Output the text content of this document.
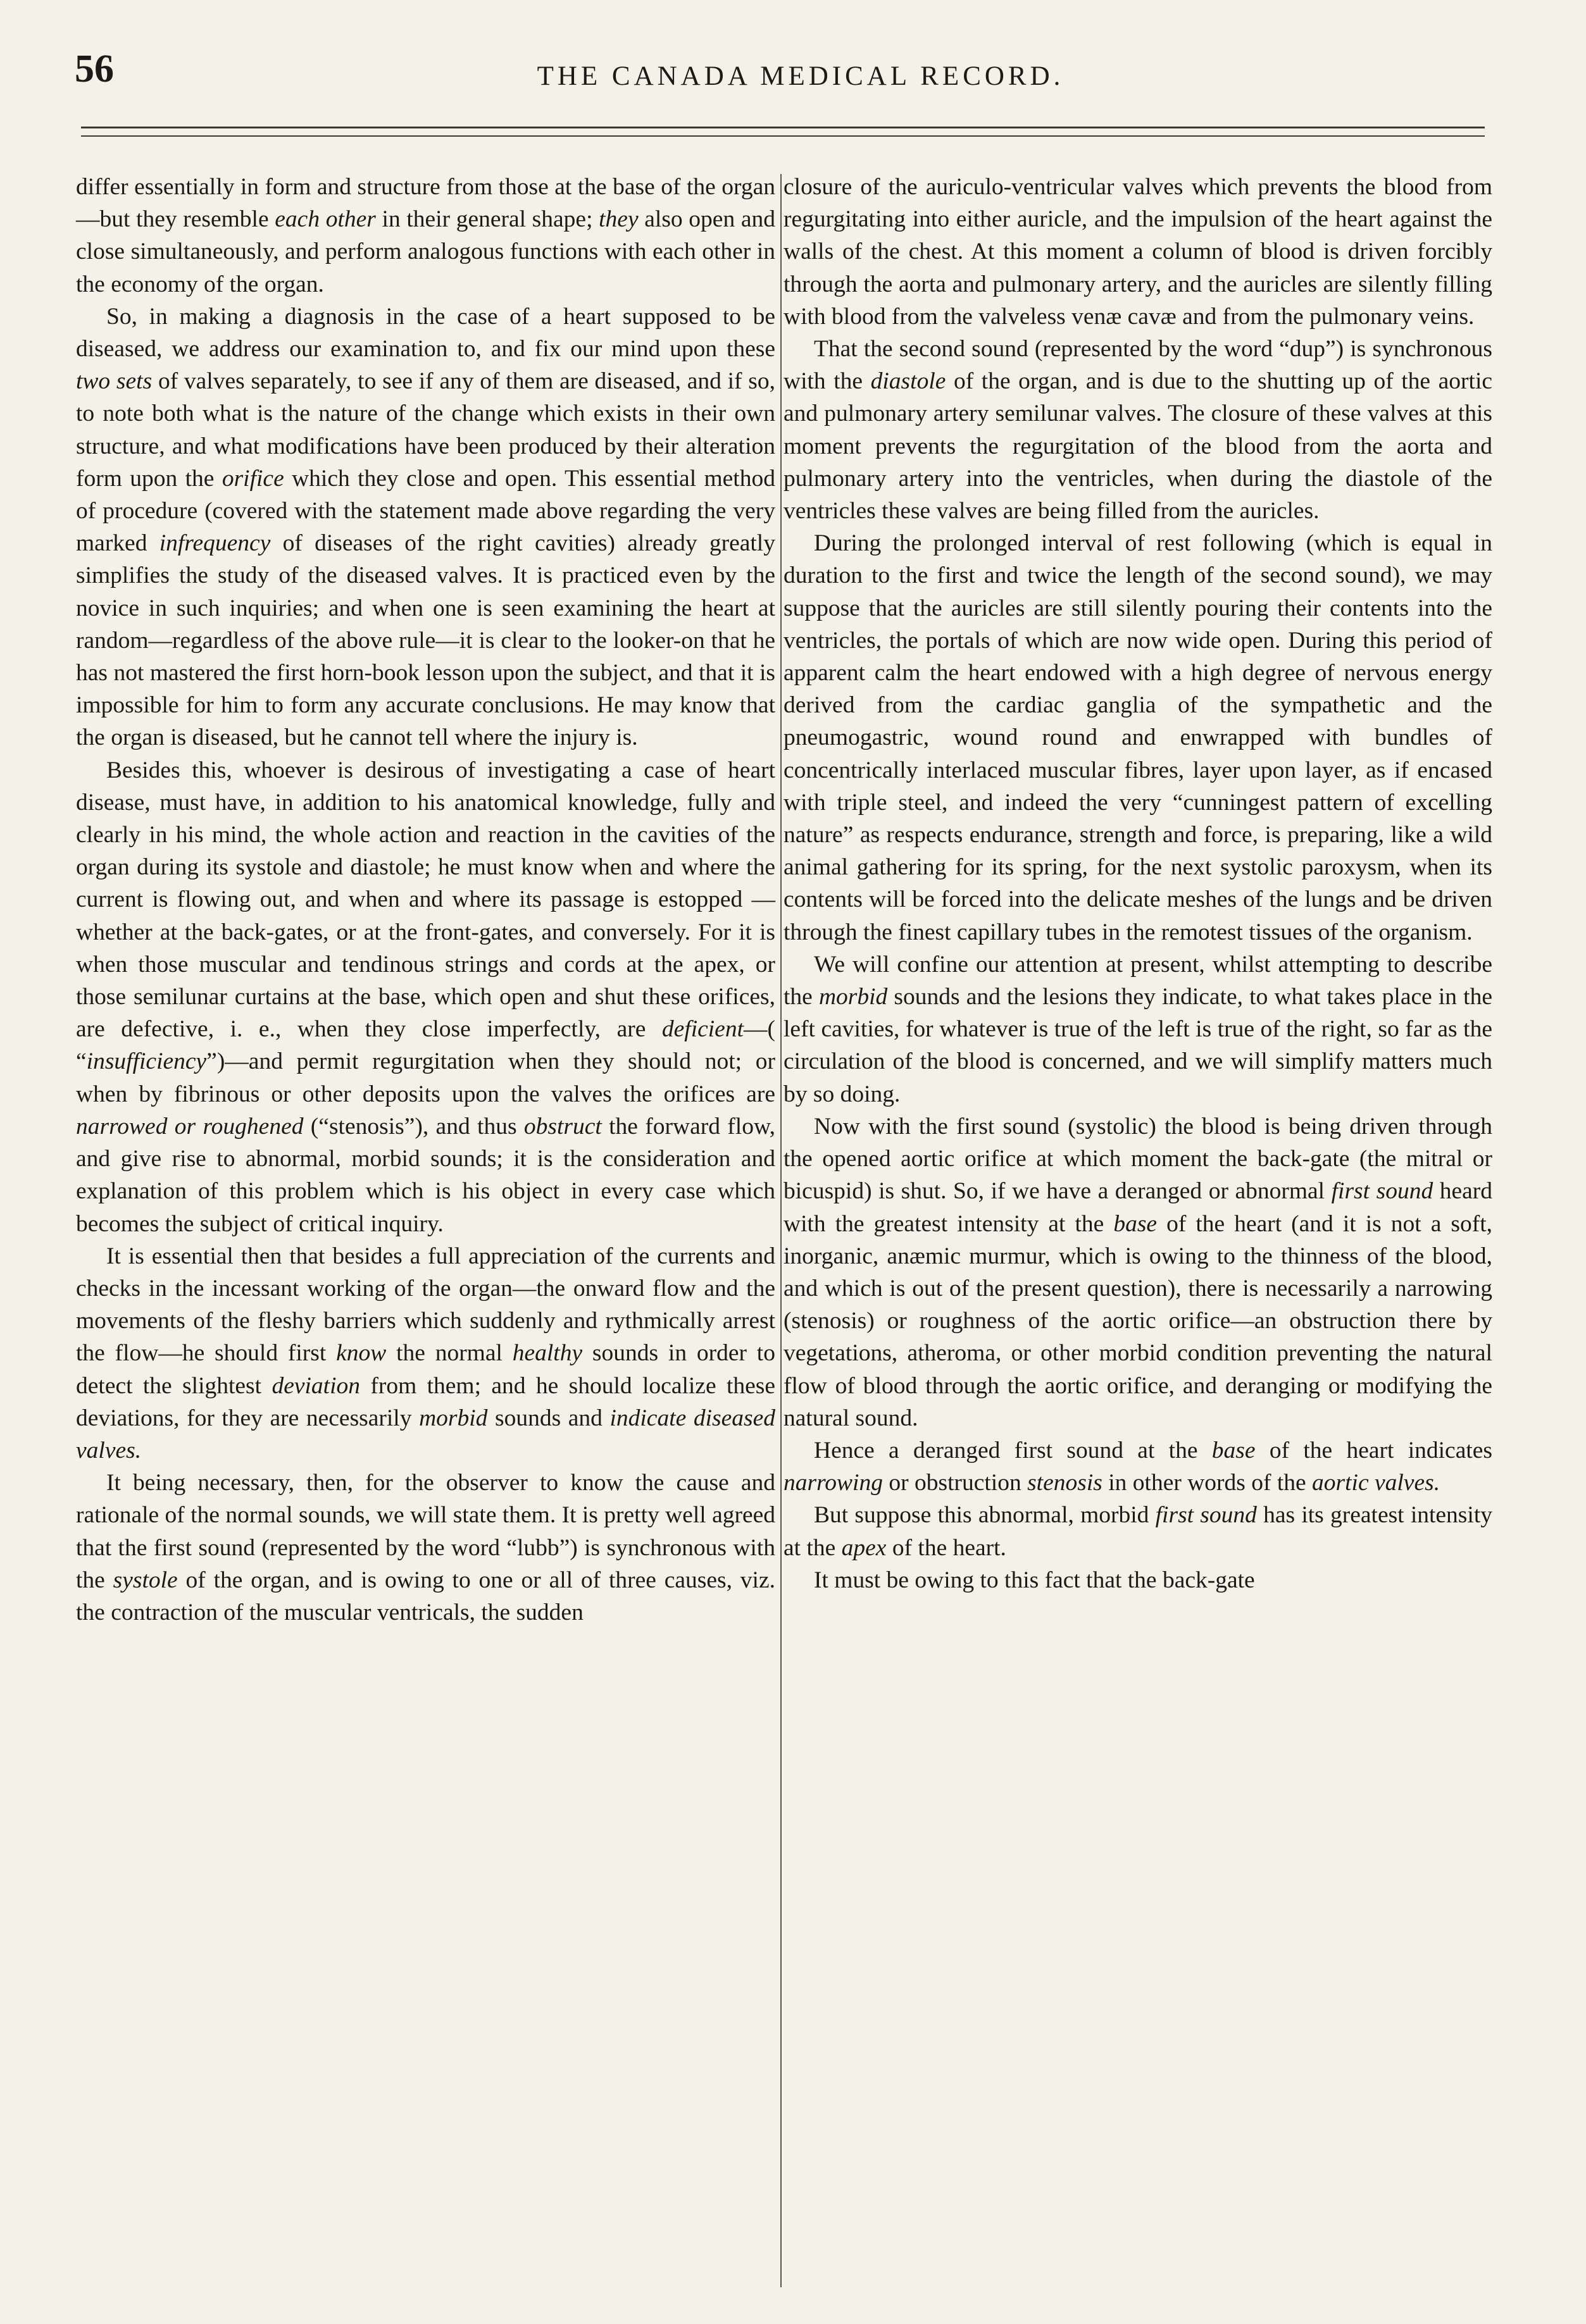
56	THE CANADA MEDICAL RECORD.

differ essentially in form and structure from those at the base of the organ—but they resemble each other in their general shape; they also open and close simultaneously, and perform analogous functions with each other in the economy of the organ.

So, in making a diagnosis in the case of a heart supposed to be diseased, we address our examination to, and fix our mind upon these two sets of valves separately, to see if any of them are diseased, and if so, to note both what is the nature of the change which exists in their own structure, and what modifications have been produced by their alteration form upon the orifice which they close and open. This essential method of procedure (covered with the statement made above regarding the very marked infrequency of diseases of the right cavities) already greatly simplifies the study of the diseased valves. It is practiced even by the novice in such inquiries; and when one is seen examining the heart at random—regardless of the above rule—it is clear to the looker-on that he has not mastered the first horn-book lesson upon the subject, and that it is impossible for him to form any accurate conclusions. He may know that the organ is diseased, but he cannot tell where the injury is.

Besides this, whoever is desirous of investigating a case of heart disease, must have, in addition to his anatomical knowledge, fully and clearly in his mind, the whole action and reaction in the cavities of the organ during its systole and diastole; he must know when and where the current is flowing out, and when and where its passage is estopped —whether at the back-gates, or at the front-gates, and conversely. For it is when those muscular and tendinous strings and cords at the apex, or those semilunar curtains at the base, which open and shut these orifices, are defective, i. e., when they close imperfectly, are deficient—( “insufficiency”)—and permit regurgitation when they should not; or when by fibrinous or other deposits upon the valves the orifices are narrowed or roughened (“stenosis”), and thus obstruct the forward flow, and give rise to abnormal, morbid sounds; it is the consideration and explanation of this problem which is his object in every case which becomes the subject of critical inquiry.

It is essential then that besides a full appreciation of the currents and checks in the incessant working of the organ—the onward flow and the movements of the fleshy barriers which suddenly and rythmically arrest the flow—he should first know the normal healthy sounds in order to detect the slightest deviation from them; and he should localize these deviations, for they are necessarily morbid sounds and indicate diseased valves.

It being necessary, then, for the observer to know the cause and rationale of the normal sounds, we will state them. It is pretty well agreed that the first sound (represented by the word “lubb”) is synchronous with the systole of the organ, and is owing to one or all of three causes, viz. the contraction of the muscular ventricals, the sudden

closure of the auriculo-ventricular valves which prevents the blood from regurgitating into either auricle, and the impulsion of the heart against the walls of the chest. At this moment a column of blood is driven forcibly through the aorta and pulmonary artery, and the auricles are silently filling with blood from the valveless venæ cavæ and from the pulmonary veins.

That the second sound (represented by the word “dup”) is synchronous with the diastole of the organ, and is due to the shutting up of the aortic and pulmonary artery semilunar valves. The closure of these valves at this moment prevents the regurgitation of the blood from the aorta and pulmonary artery into the ventricles, when during the diastole of the ventricles these valves are being filled from the auricles.

During the prolonged interval of rest following (which is equal in duration to the first and twice the length of the second sound), we may suppose that the auricles are still silently pouring their contents into the ventricles, the portals of which are now wide open. During this period of apparent calm the heart endowed with a high degree of nervous energy derived from the cardiac ganglia of the sympathetic and the pneumogastric, wound round and enwrapped with bundles of concentrically interlaced muscular fibres, layer upon layer, as if encased with triple steel, and indeed the very “cunningest pattern of excelling nature” as respects endurance, strength and force, is preparing, like a wild animal gathering for its spring, for the next systolic paroxysm, when its contents will be forced into the delicate meshes of the lungs and be driven through the finest capillary tubes in the remotest tissues of the organism.

We will confine our attention at present, whilst attempting to describe the morbid sounds and the lesions they indicate, to what takes place in the left cavities, for whatever is true of the left is true of the right, so far as the circulation of the blood is concerned, and we will simplify matters much by so doing.

Now with the first sound (systolic) the blood is being driven through the opened aortic orifice at which moment the back-gate (the mitral or bicuspid) is shut. So, if we have a deranged or abnormal first sound heard with the greatest intensity at the base of the heart (and it is not a soft, inorganic, anæmic murmur, which is owing to the thinness of the blood, and which is out of the present question), there is necessarily a narrowing (stenosis) or roughness of the aortic orifice—an obstruction there by vegetations, atheroma, or other morbid condition preventing the natural flow of blood through the aortic orifice, and deranging or modifying the natural sound.

Hence a deranged first sound at the base of the heart indicates narrowing or obstruction stenosis in other words of the aortic valves.

But suppose this abnormal, morbid first sound has its greatest intensity at the apex of the heart.

It must be owing to this fact that the back-gate
